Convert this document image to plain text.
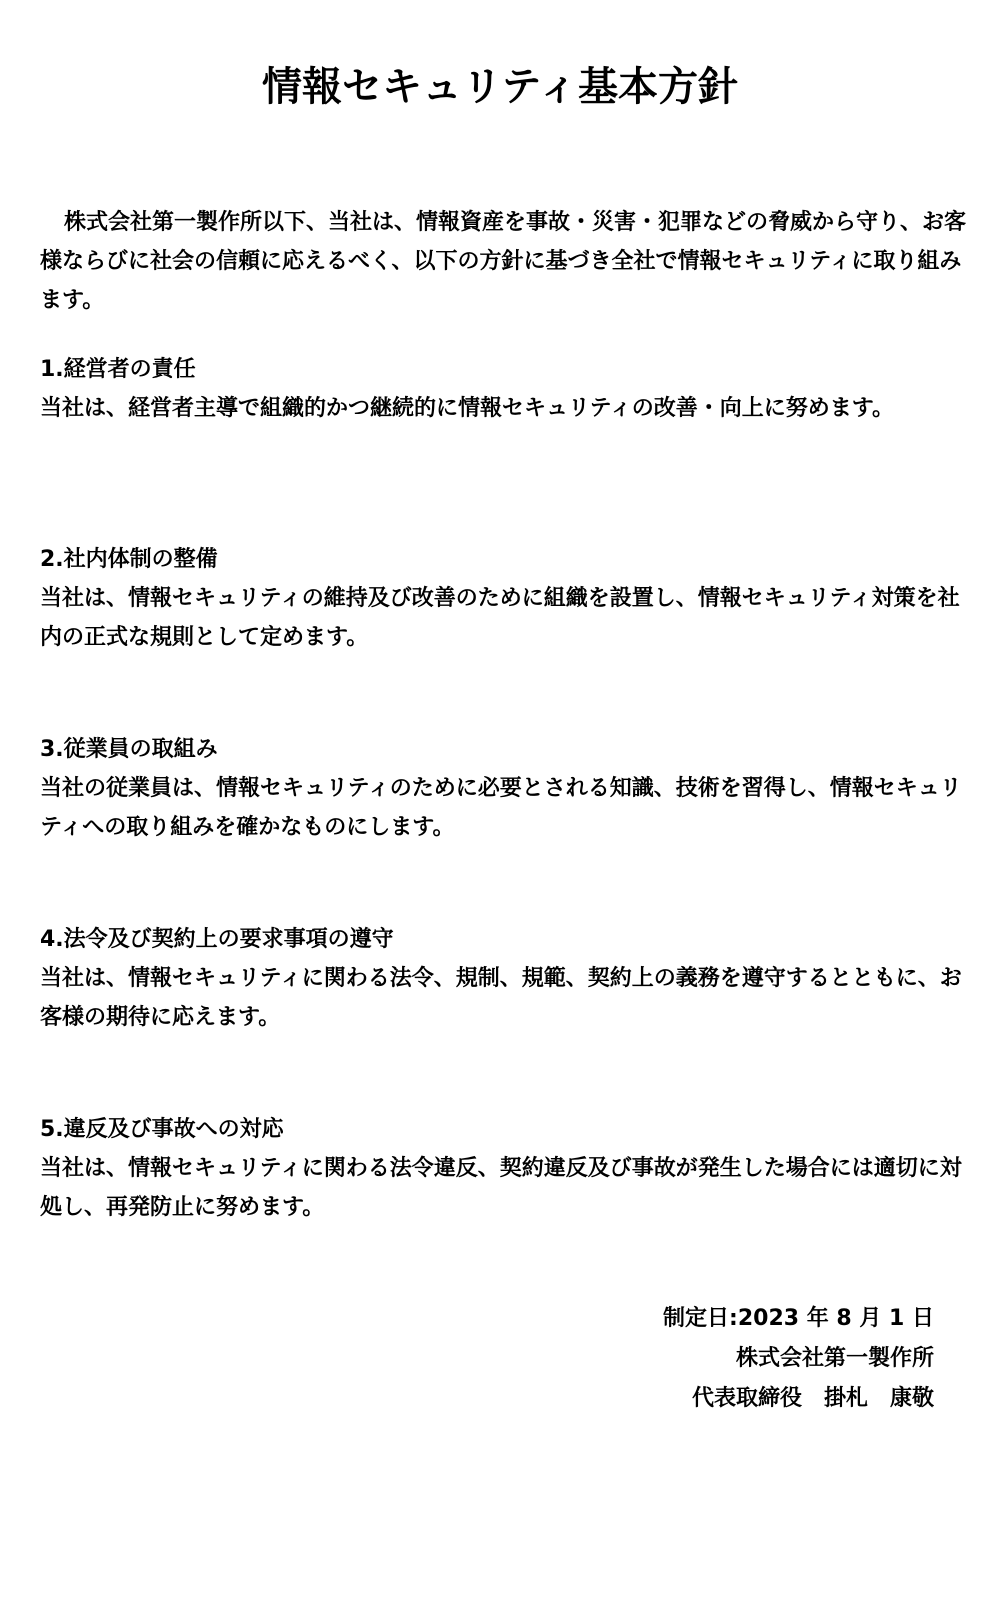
情報セキュリティ基本方針

株式会社第一製作所以下、当社は、情報資産を事故・災害・犯罪などの脅威から守り、お客様ならびに社会の信頼に応えるべく、以下の方針に基づき全社で情報セキュリティに取り組みます。

1.経営者の責任

当社は、経営者主導で組織的かつ継続的に情報セキュリティの改善・向上に努めます。

2.社内体制の整備

当社は、情報セキュリティの維持及び改善のために組織を設置し、情報セキュリティ対策を社内の正式な規則として定めます。

3.従業員の取組み

当社の従業員は、情報セキュリティのために必要とされる知識、技術を習得し、情報セキュリティへの取り組みを確かなものにします。

4.法令及び契約上の要求事項の遵守

当社は、情報セキュリティに関わる法令、規制、規範、契約上の義務を遵守するとともに、お客様の期待に応えます。

5.違反及び事故への対応

当社は、情報セキュリティに関わる法令違反、契約違反及び事故が発生した場合には適切に対処し、再発防止に努めます。

制定日:2023 年 8 月 1 日
株式会社第一製作所
代表取締役　掛札　康敬
